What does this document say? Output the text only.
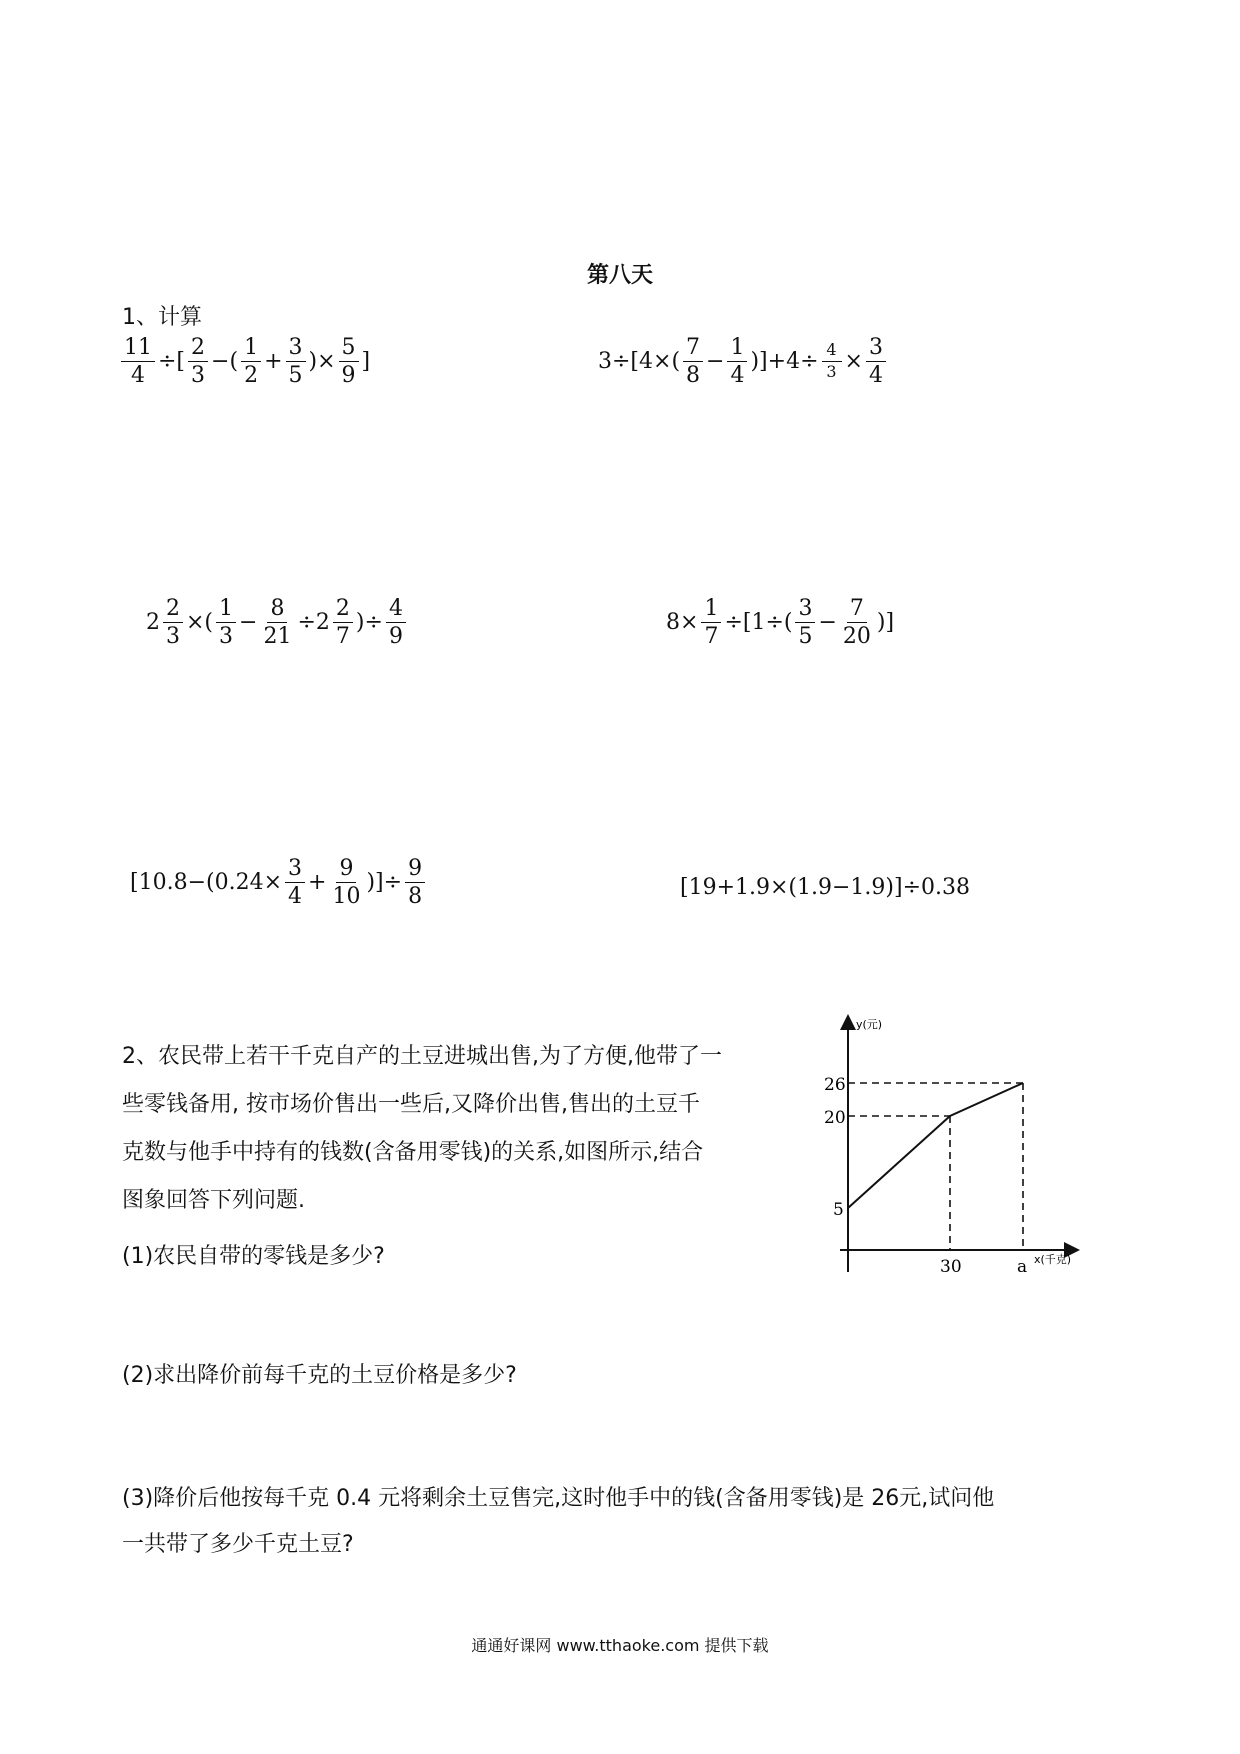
第八天
1、计算
$\frac{11}{4}$ ÷[ $\frac{2}{3}$ −( $\frac{1}{2} + \frac{3}{5}$ )× $\frac{5}{9}$ ]	$3\div[4\times( \frac{7}{8} - \frac{1}{4} )]+4\div \frac{4}{3} \times \frac{3}{4}$
$2 \frac{2}{3}$ ×( $\frac{1}{3} - \frac{8}{21} \div 2 \frac{2}{7}$ )÷ $\frac{4}{9}$	$8\times \frac{1}{7} \div[1\div( \frac{3}{5} - \frac{7}{20}$ )]
[$10.8-(0.24\times \frac{3}{4} + \frac{9}{10}$ )]÷ $\frac{9}{8}$	[19+1.9×(1.9−1.9)]÷0.38
2、农民带上若干千克自产的土豆进城出售,为了方便,他带了一
些零钱备用, 按市场价售出一些后,又降价出售,售出的土豆千
克数与他手中持有的钱数(含备用零钱)的关系,如图所示,结合
图象回答下列问题.
(1)农民自带的零钱是多少?
(2)求出降价前每千克的土豆价格是多少?
(3)降价后他按每千克 0.4 元将剩余土豆售完,这时他手中的钱(含备用零钱)是 26元,试问他
一共带了多少千克土豆?
y(元)
x(千克)
26
20
5
30	a
通通好课网 www.tthaoke.com 提供下载
